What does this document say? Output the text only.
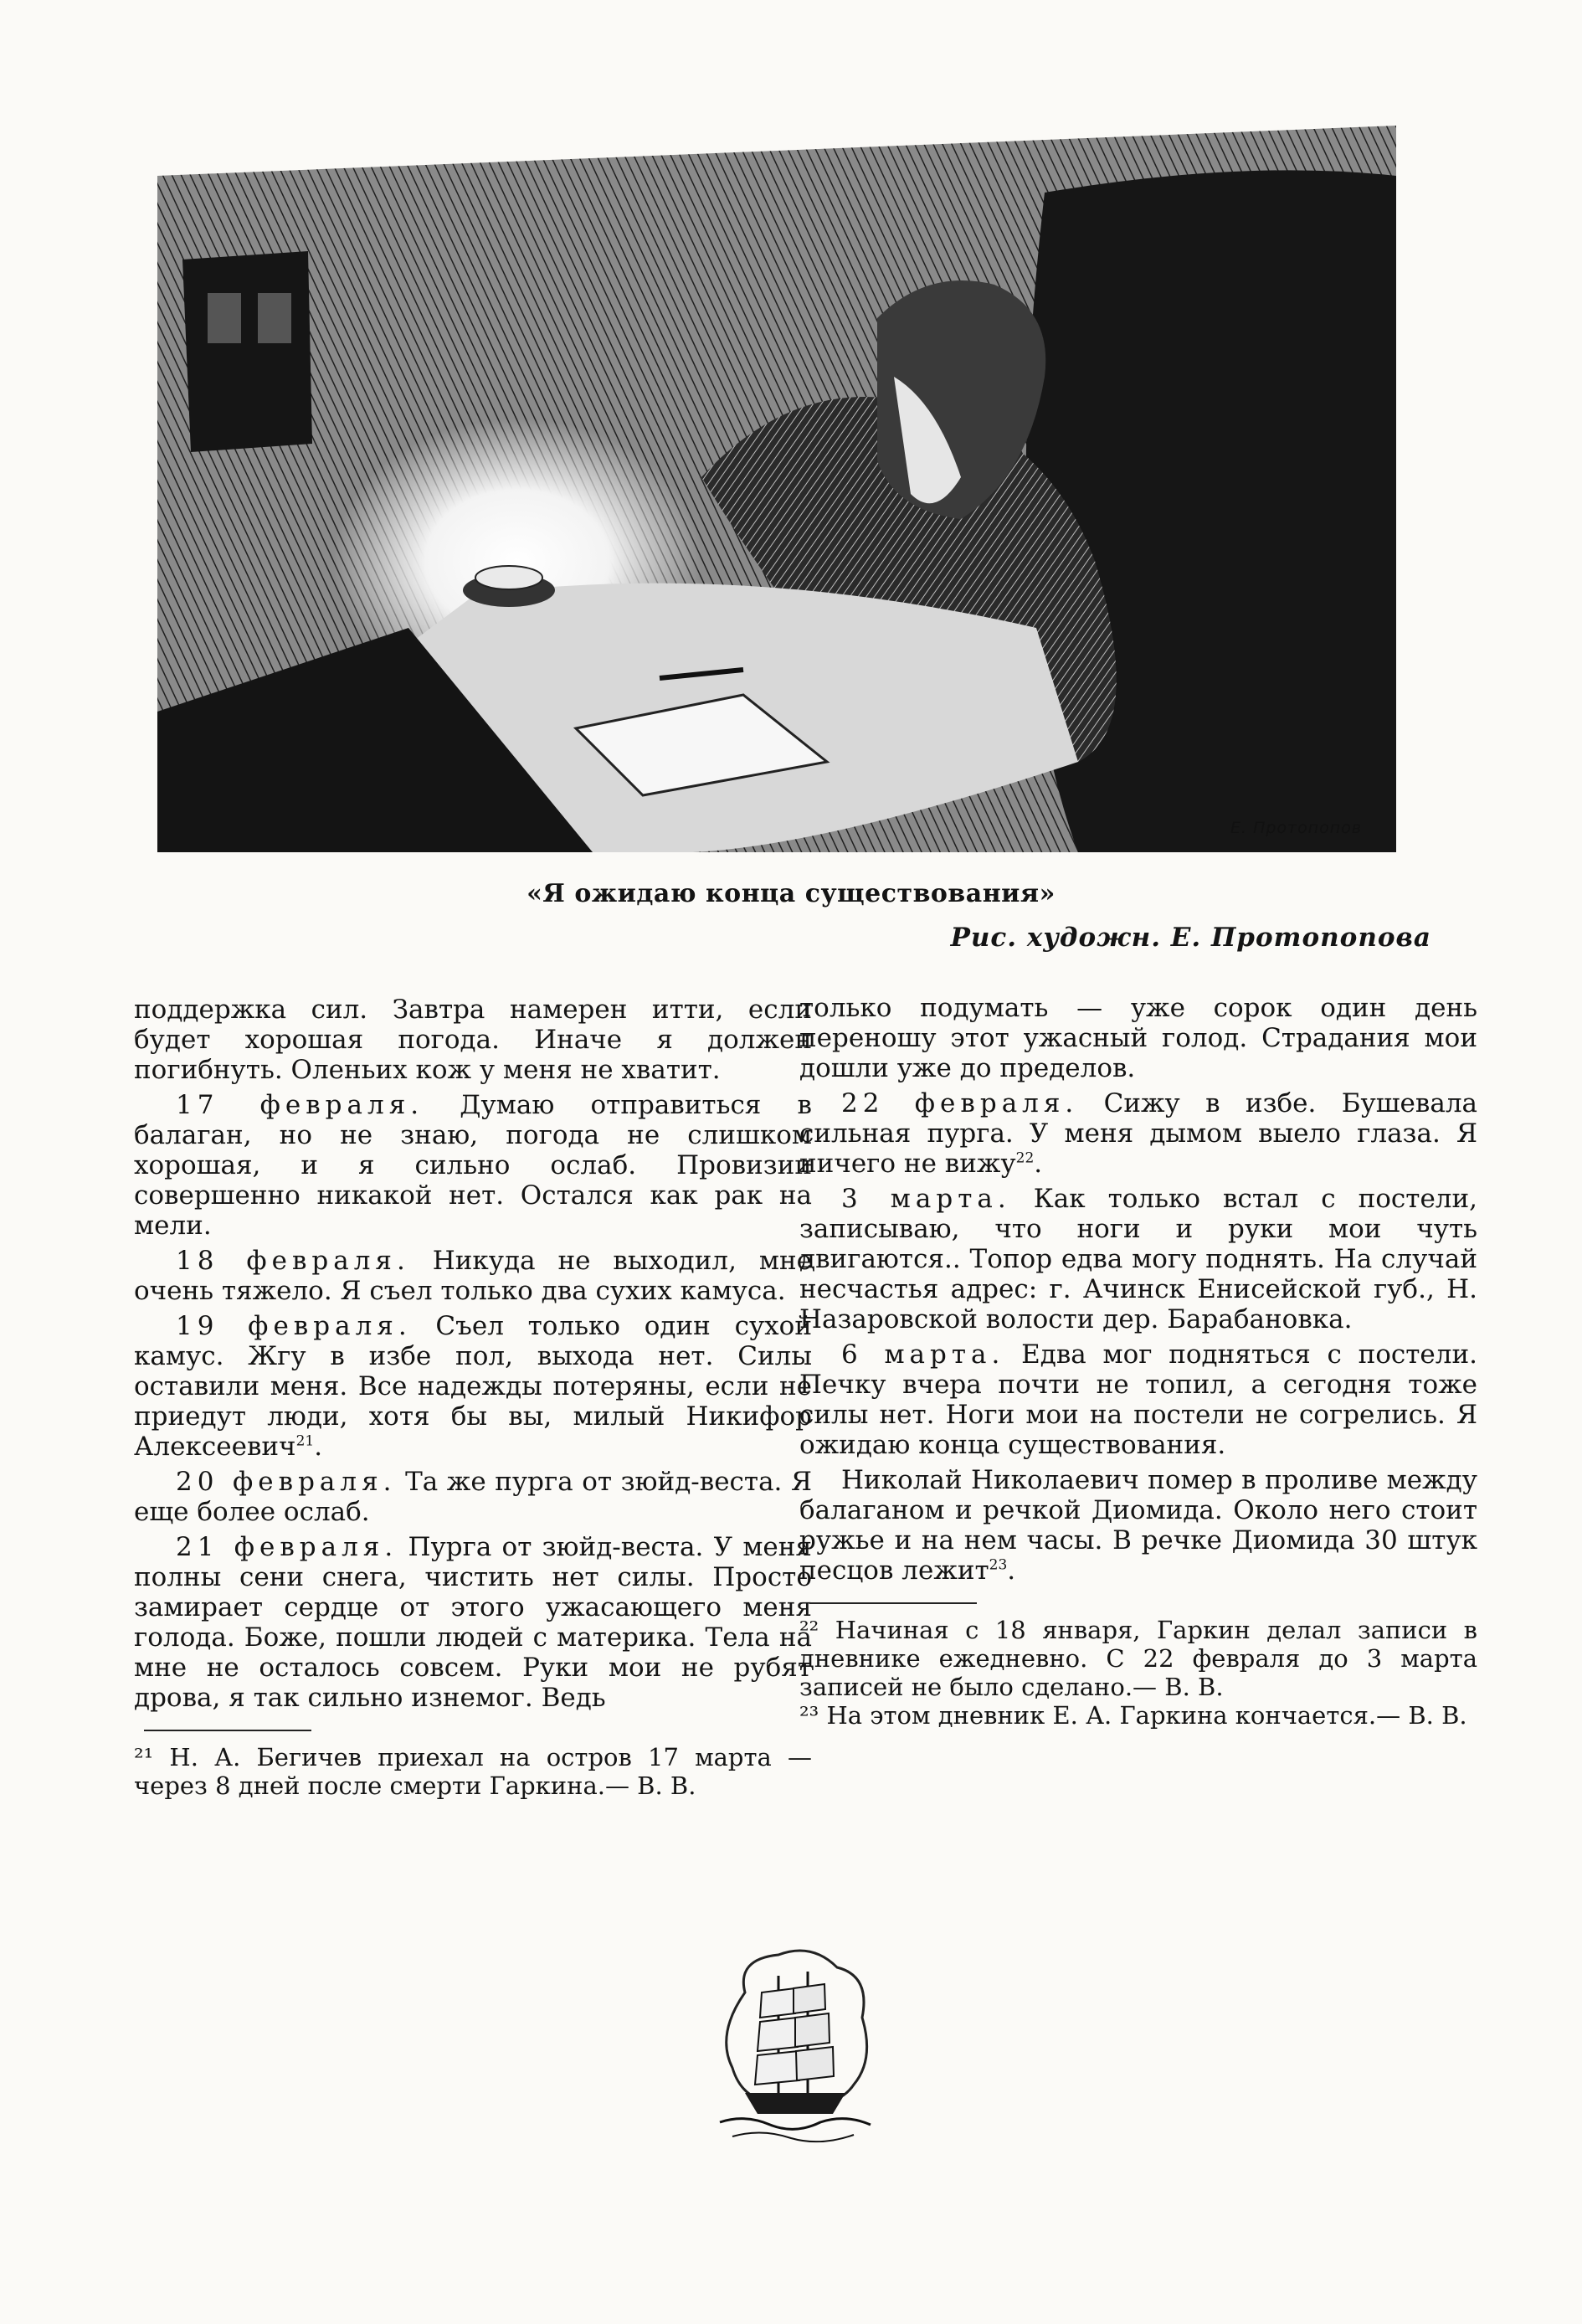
Е. Протопопов
«Я ожидаю конца существования»
Рис. художн. Е. Протопопова

поддержка сил. Завтра намерен итти, если будет хорошая погода. Иначе я должен погибнуть. Оленьих кож у меня не хватит.

17 февраля. Думаю отправиться в балаган, но не знаю, погода не слишком хорошая, и я сильно ослаб. Провизии совершенно никакой нет. Остался как рак на мели.

18 февраля. Никуда не выходил, мне очень тяжело. Я съел только два сухих камуса.

19 февраля. Съел только один сухой камус. Жгу в избе пол, выхода нет. Силы оставили меня. Все надежды потеряны, если не приедут люди, хотя бы вы, милый Никифор Алексеевич$^{21}$.

20 февраля. Та же пурга от зюйд-веста. Я еще более ослаб.

21 февраля. Пурга от зюйд-веста. У меня полны сени снега, чистить нет силы. Просто замирает сердце от этого ужасающего меня голода. Боже, пошли людей с материка. Тела на мне не осталось совсем. Руки мои не рубят дрова, я так сильно изнемог. Ведь

²¹ Н. А. Бегичев приехал на остров 17 марта — через 8 дней после смерти Гаркина.— В. В.

только подумать — уже сорок один день переношу этот ужасный голод. Страдания мои дошли уже до пределов.

22 февраля. Сижу в избе. Бушевала сильная пурга. У меня дымом выело глаза. Я ничего не вижу$^{22}$.

3 марта. Как только встал с постели, записываю, что ноги и руки мои чуть двигаются.. Топор едва могу поднять. На случай несчастья адрес: г. Ачинск Енисейской губ., Н. Назаровской волости дер. Барабановка.

6 марта. Едва мог подняться с постели. Печку вчера почти не топил, а сегодня тоже силы нет. Ноги мои на постели не согрелись. Я ожидаю конца существования.

Николай Николаевич помер в проливе между балаганом и речкой Диомида. Около него стоит ружье и на нем часы. В речке Диомида 30 штук песцов лежит$^{23}$.

²² Начиная с 18 января, Гаркин делал записи в дневнике ежедневно. С 22 февраля до 3 марта записей не было сделано.— В. В.

²³ На этом дневник Е. А. Гаркина кончается.— В. В.
